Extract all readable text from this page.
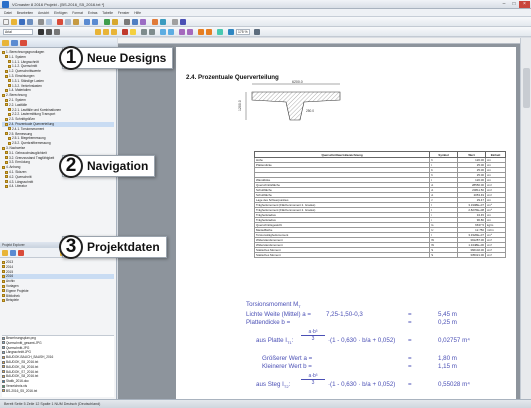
VCmaster 8 2016 Projekt - [BS-2016_S5_2016.txt *]	–	□	×
Datei Bearbeiten Ansicht Einfügen Format Extras Tabelle Fenster Hilfe
Arial	175 %
1. Berechnungsgrundlagen
1.1. System
1.1.1. Längsschnitt
1.1.2. Querschnitt
1.2. Querschnittswerte
1.3. Einwirkungen
1.3.1. Ständige Lasten
1.3.2. Verkehrslasten
1.4. Materialien
2. Berechnung
2.1. System
2.2. Lastfälle
2.2.1. Lastfälle und Kombinationen
2.2.2. Lastermittlung Transport
2.3. Schnittgrößen
2.4. Prozentuale Querverteilung
2.4.1. Torsionsmoment
2.5. Bemessung
2.5.1. Biegebemessung
2.5.2. Querkraftbemessung
3. Nachweise
3.1. Gebrauchstauglichkeit
3.2. Grenzzustand Tragfähigkeit
3.3. Ermüdung
4. Anhang
4.1. Skizzen
4.2. Querschnitt
4.3. Längsschnitt
4.4. Literatur
Projekt Explorer
2013
2014
2015
2016
Archiv
Vorlagen
Eigene Projekte
Bibliothek
Beispiele
Bewehrungsplan.png
Querschnitt_gesamt.JPG
Querschnitt.JPG
Längsschnitt.JPG
BAUDOK-BAUCH_BAUSH_2016
BAUDOK_S5_2016.txt
BAUDOK_S6_2016.txt
BAUDOK_S7_2016.txt
BAUDOK_S8_2016.txt
Statik_2016.doc
Verzeichnis.xls
BS-2016_S5_2016.txt
2.4. Prozentuale Querverteilung
6200.0
1200.0	250.0
Querschnittwert-Bezeichnung	Symbol	Wert	Einheit
Höhe	h	120.00	cm
Plattendicke	t	25.00	cm
	b	25.00	cm
	h	25.00	cm
Wanddicke	t	120.00	cm
Querschnittsfläche	A	28550.00	cm²
Schubfläche	A	20811.50	cm²
Schubfläche	A	2053.49	cm²
Lage des Schwerpunktes	z	29.47	cm
Trägheitsmoment (Flächenmoment 2. Grades)	I	3.1908E+07	cm⁴
Trägheitsmoment (Flächenmoment 2. Grades)	I	2.8276E+08	cm⁴
Trägheitsradius	i	34.45	cm
Trägheitsradius	i	96.80	cm
Querschnittsgewicht	G	6637.5	kg/m
Mantelfläche	U	12.750	m²/m
Torsionsträgheitsmoment	I	3.3326E+07	cm⁴
Widerstandsmoment	W	391287.00	cm³
Widerstandsmoment	W	1.3448E+06	cm³
Statisches Moment	S	366102.00	cm³
Statisches Moment	S	335021.00	cm³
Torsionsmoment $M_T$
Lichte Weite (Mittel) a = 7,25-1,50-0,3	=	5,45 m
Plattendicke b =	=	0,25 m
aus Platte $I_{T1}$: $\frac{\text{a·b³}}{3} \cdot(1 - 0,630 \cdot b/a + 0,052)$ =	0,02757 m⁴
Größerer Wert a =	=	1,80 m
Kleinerer Wert b =	=	1,15 m
aus Steg $I_{T2}$: $\frac{\text{a·b³}}{3} \cdot(1 - 0,630 \cdot b/a + 0,052)$ =	0,55028 m⁴
1 Neue Designs
2 Navigation
3 Projektdaten
Bereit Seite 5 Zeile 12 Spalte 1 NUM Deutsch (Deutschland)
